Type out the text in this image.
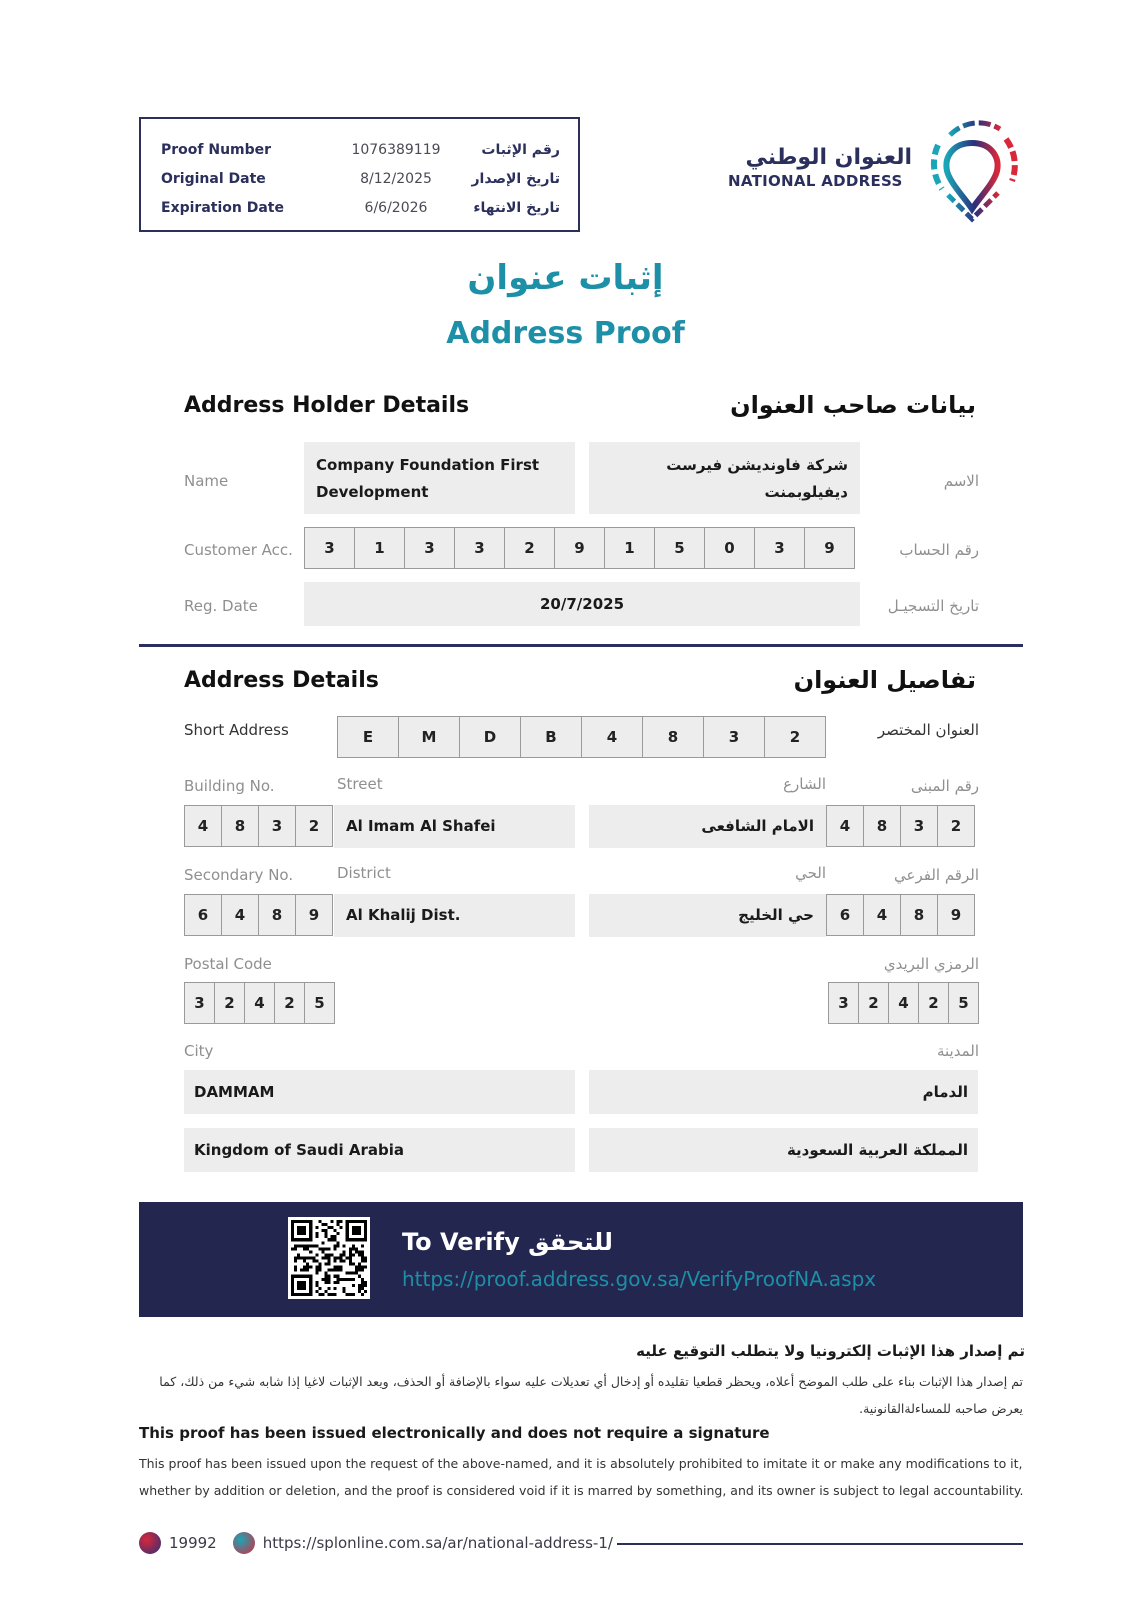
Proof Number	1076389119	رقم الإثبات
Original Date	8/12/2025	تاريخ الإصدار
Expiration Date	6/6/2026	تاريخ الانتهاء
العنوان الوطني
NATIONAL ADDRESS
إثبات عنوان
Address Proof
Address Holder Details	بيانات صاحب العنوان
Name
Company Foundation First Development
شركة فاونديشن فيرست ديفيلوبمنت
الاسم
Customer Acc.	3	1	3	3	2	9	1	5	0	3	9	رقم الحساب
Reg. Date	20/7/2025	تاريخ التسجيـل
Address Details	تفاصيل العنوان
Short Address	E	M	D	B	4	8	3	2	العنوان المختصر
Building No.	Street	الشارع	رقم المبنى
4	8	3	2	Al Imam Al Shafei	الامام الشافعى	4	8	3	2
Secondary No.	District	الحي	الرقم الفرعي
6	4	8	9	Al Khalij Dist.	حي الخليج	6	4	8	9
Postal Code	الرمزي البريدي
3	2	4	2	5	3	2	4	2	5
City	المدينة
DAMMAM	الدمام
Kingdom of Saudi Arabia	المملكة العربية السعودية
To Verify للتحقق
https://proof.address.gov.sa/VerifyProofNA.aspx
تم إصدار هذا الإثبات إلكترونيا ولا يتطلب التوقيع عليه
تم إصدار هذا الإثبات بناء على طلب الموضح أعلاه، ويحظر قطعيا تقليده أو إدخال أي تعديلات عليه سواء بالإضافة أو الحذف، ويعد الإثبات لاغيا إذا شابه شيء من ذلك، كما يعرض صاحبه للمساءلةالقانونية.
This proof has been issued electronically and does not require a signature
This proof has been issued upon the request of the above-named, and it is absolutely prohibited to imitate it or make any modifications to it, whether by addition or deletion, and the proof is considered void if it is marred by something, and its owner is subject to legal accountability.
19992	https://splonline.com.sa/ar/national-address-1/
